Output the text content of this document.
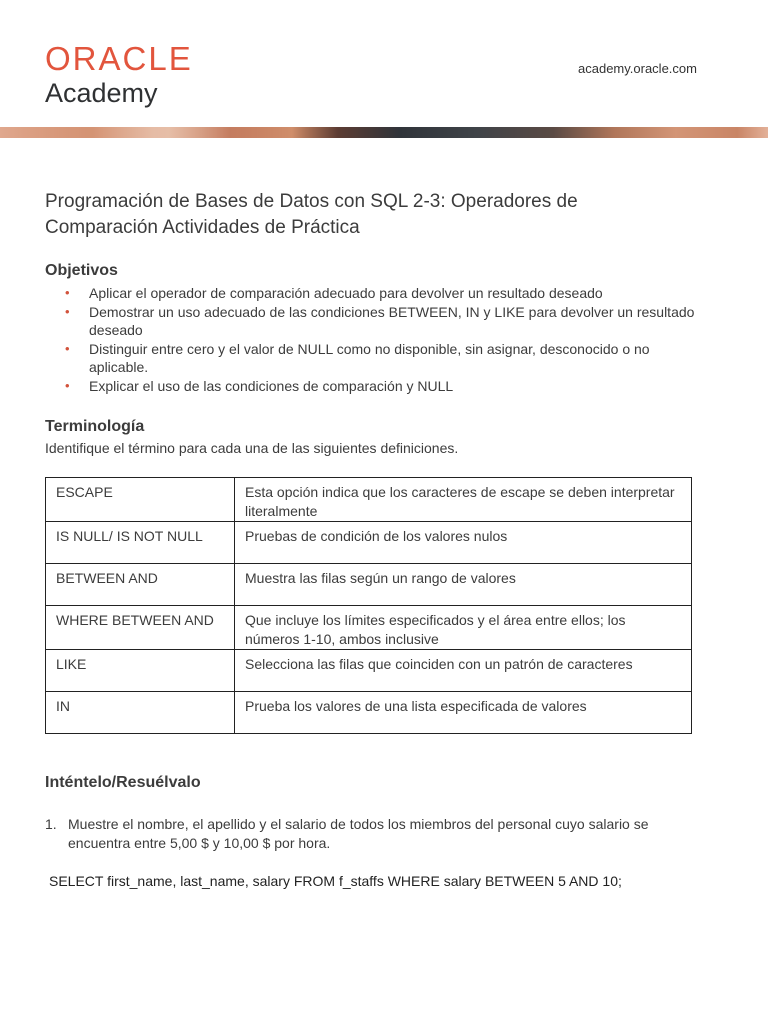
ORACLE
Academy
academy.oracle.com
Programación de Bases de Datos con SQL 2-3: Operadores de Comparación Actividades de Práctica
Objetivos
• Aplicar el operador de comparación adecuado para devolver un resultado deseado
• Demostrar un uso adecuado de las condiciones BETWEEN, IN y LIKE para devolver un resultado deseado
• Distinguir entre cero y el valor de NULL como no disponible, sin asignar, desconocido o no aplicable.
• Explicar el uso de las condiciones de comparación y NULL
Terminología
Identifique el término para cada una de las siguientes definiciones.
ESCAPE	Esta opción indica que los caracteres de escape se deben interpretar literalmente
IS NULL/ IS NOT NULL	Pruebas de condición de los valores nulos
BETWEEN AND	Muestra las filas según un rango de valores
WHERE BETWEEN AND	Que incluye los límites especificados y el área entre ellos; los números 1-10, ambos inclusive
LIKE	Selecciona las filas que coinciden con un patrón de caracteres
IN	Prueba los valores de una lista especificada de valores
Inténtelo/Resuélvalo
1. Muestre el nombre, el apellido y el salario de todos los miembros del personal cuyo salario se encuentra entre 5,00 $ y 10,00 $ por hora.
SELECT first_name, last_name, salary FROM f_staffs WHERE salary BETWEEN 5 AND 10;
